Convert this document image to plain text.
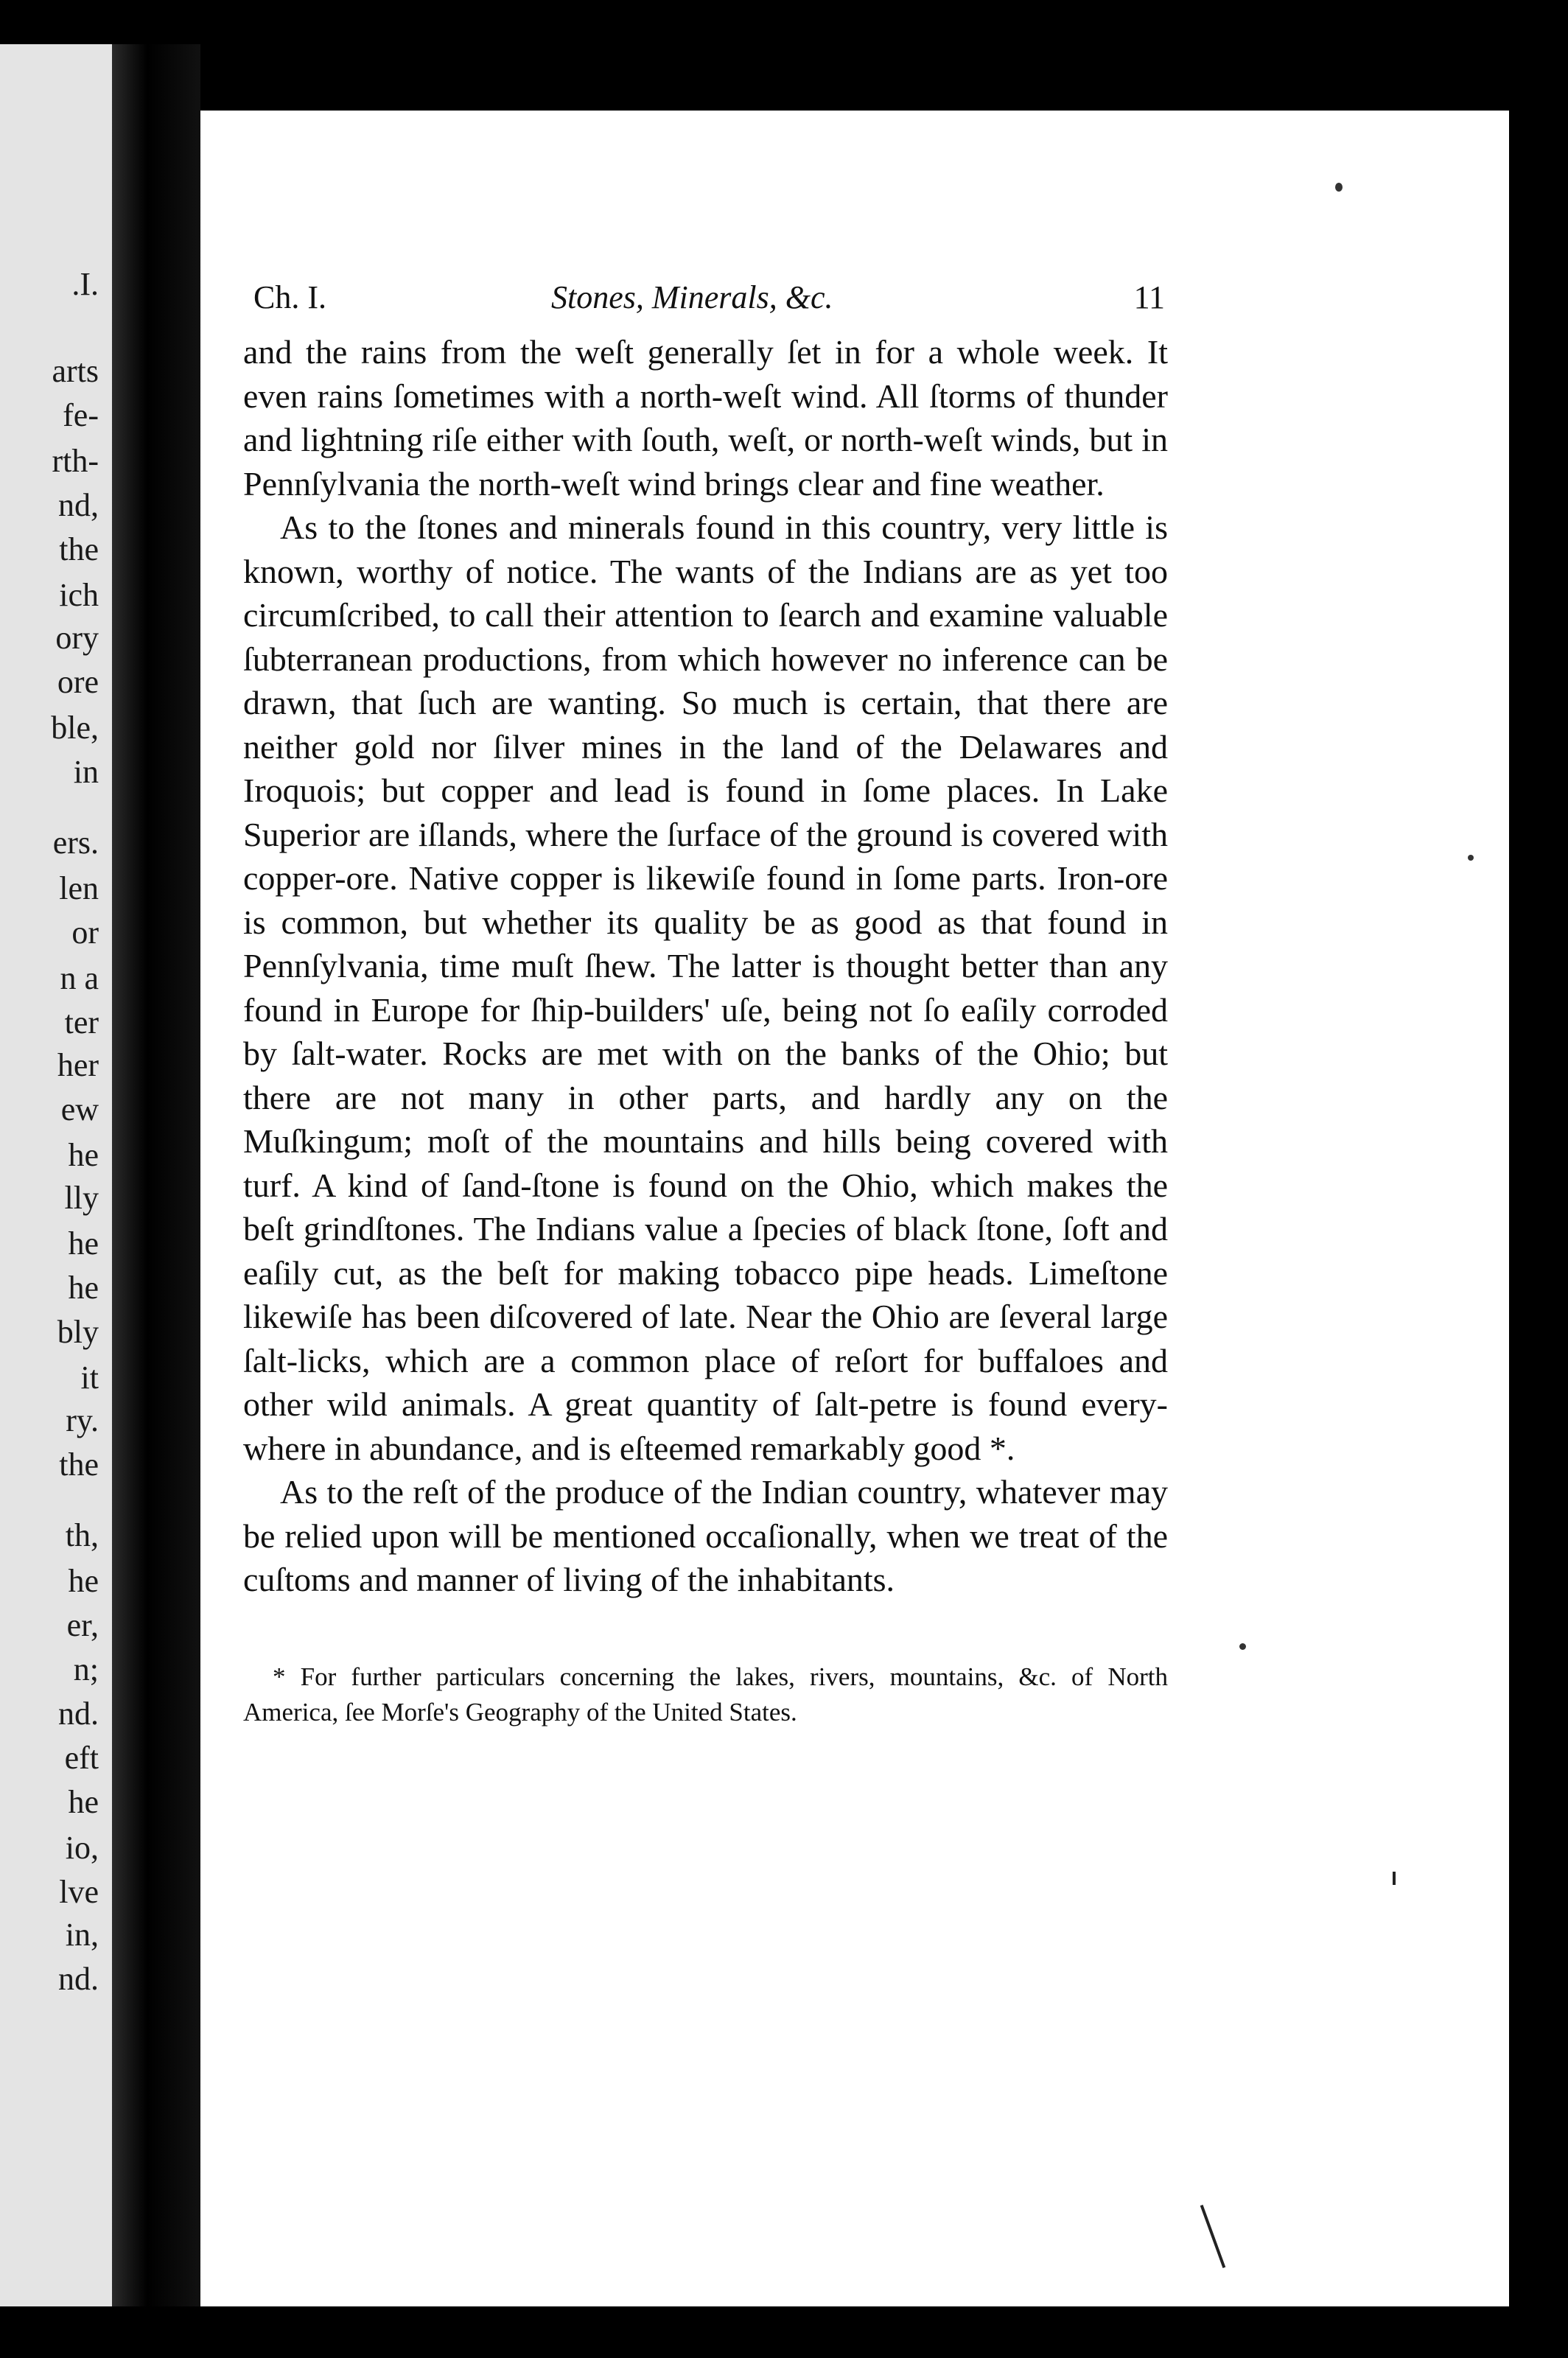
.I.
arts
fe-
rth-
nd,
the
ich
ory
ore
ble,
in
ers.
len
or
n a
ter
her
ew
he
lly
he
he
bly
it
ry.
the
th,
he
er,
n;
nd.
eft
he
io,
lve
in,
nd.
Ch. I.	Stones, Minerals, &c.	11

and the rains from the weſt generally ſet in for a whole week. It even rains ſometimes with a north-weſt wind. All ſtorms of thunder and lightning riſe either with ſouth, weſt, or north-weſt winds, but in Pennſylvania the north-weſt wind brings clear and fine weather.

As to the ſtones and minerals found in this country, very little is known, worthy of notice. The wants of the Indians are as yet too circumſcribed, to call their attention to ſearch and examine valuable ſubterranean productions, from which however no inference can be drawn, that ſuch are wanting. So much is certain, that there are neither gold nor ſilver mines in the land of the Delawares and Iroquois; but copper and lead is found in ſome places. In Lake Superior are iſlands, where the ſurface of the ground is covered with copper-ore. Native copper is likewiſe found in ſome parts. Iron-ore is common, but whether its quality be as good as that found in Pennſylvania, time muſt ſhew. The latter is thought better than any found in Europe for ſhip-builders' uſe, being not ſo eaſily corroded by ſalt-water. Rocks are met with on the banks of the Ohio; but there are not many in other parts, and hardly any on the Muſkingum; moſt of the mountains and hills being covered with turf. A kind of ſand-ſtone is found on the Ohio, which makes the beſt grindſtones. The Indians value a ſpecies of black ſtone, ſoft and eaſily cut, as the beſt for making tobacco pipe heads. Limeſtone likewiſe has been diſcovered of late. Near the Ohio are ſeveral large ſalt-licks, which are a common place of reſort for buffaloes and other wild animals. A great quantity of ſalt-petre is found every-where in abundance, and is eſteemed remarkably good *.

As to the reſt of the produce of the Indian country, whatever may be relied upon will be mentioned occaſionally, when we treat of the cuſtoms and manner of living of the inhabitants.

* For further particulars concerning the lakes, rivers, mountains, &c. of North America, ſee Morſe's Geography of the United States.
